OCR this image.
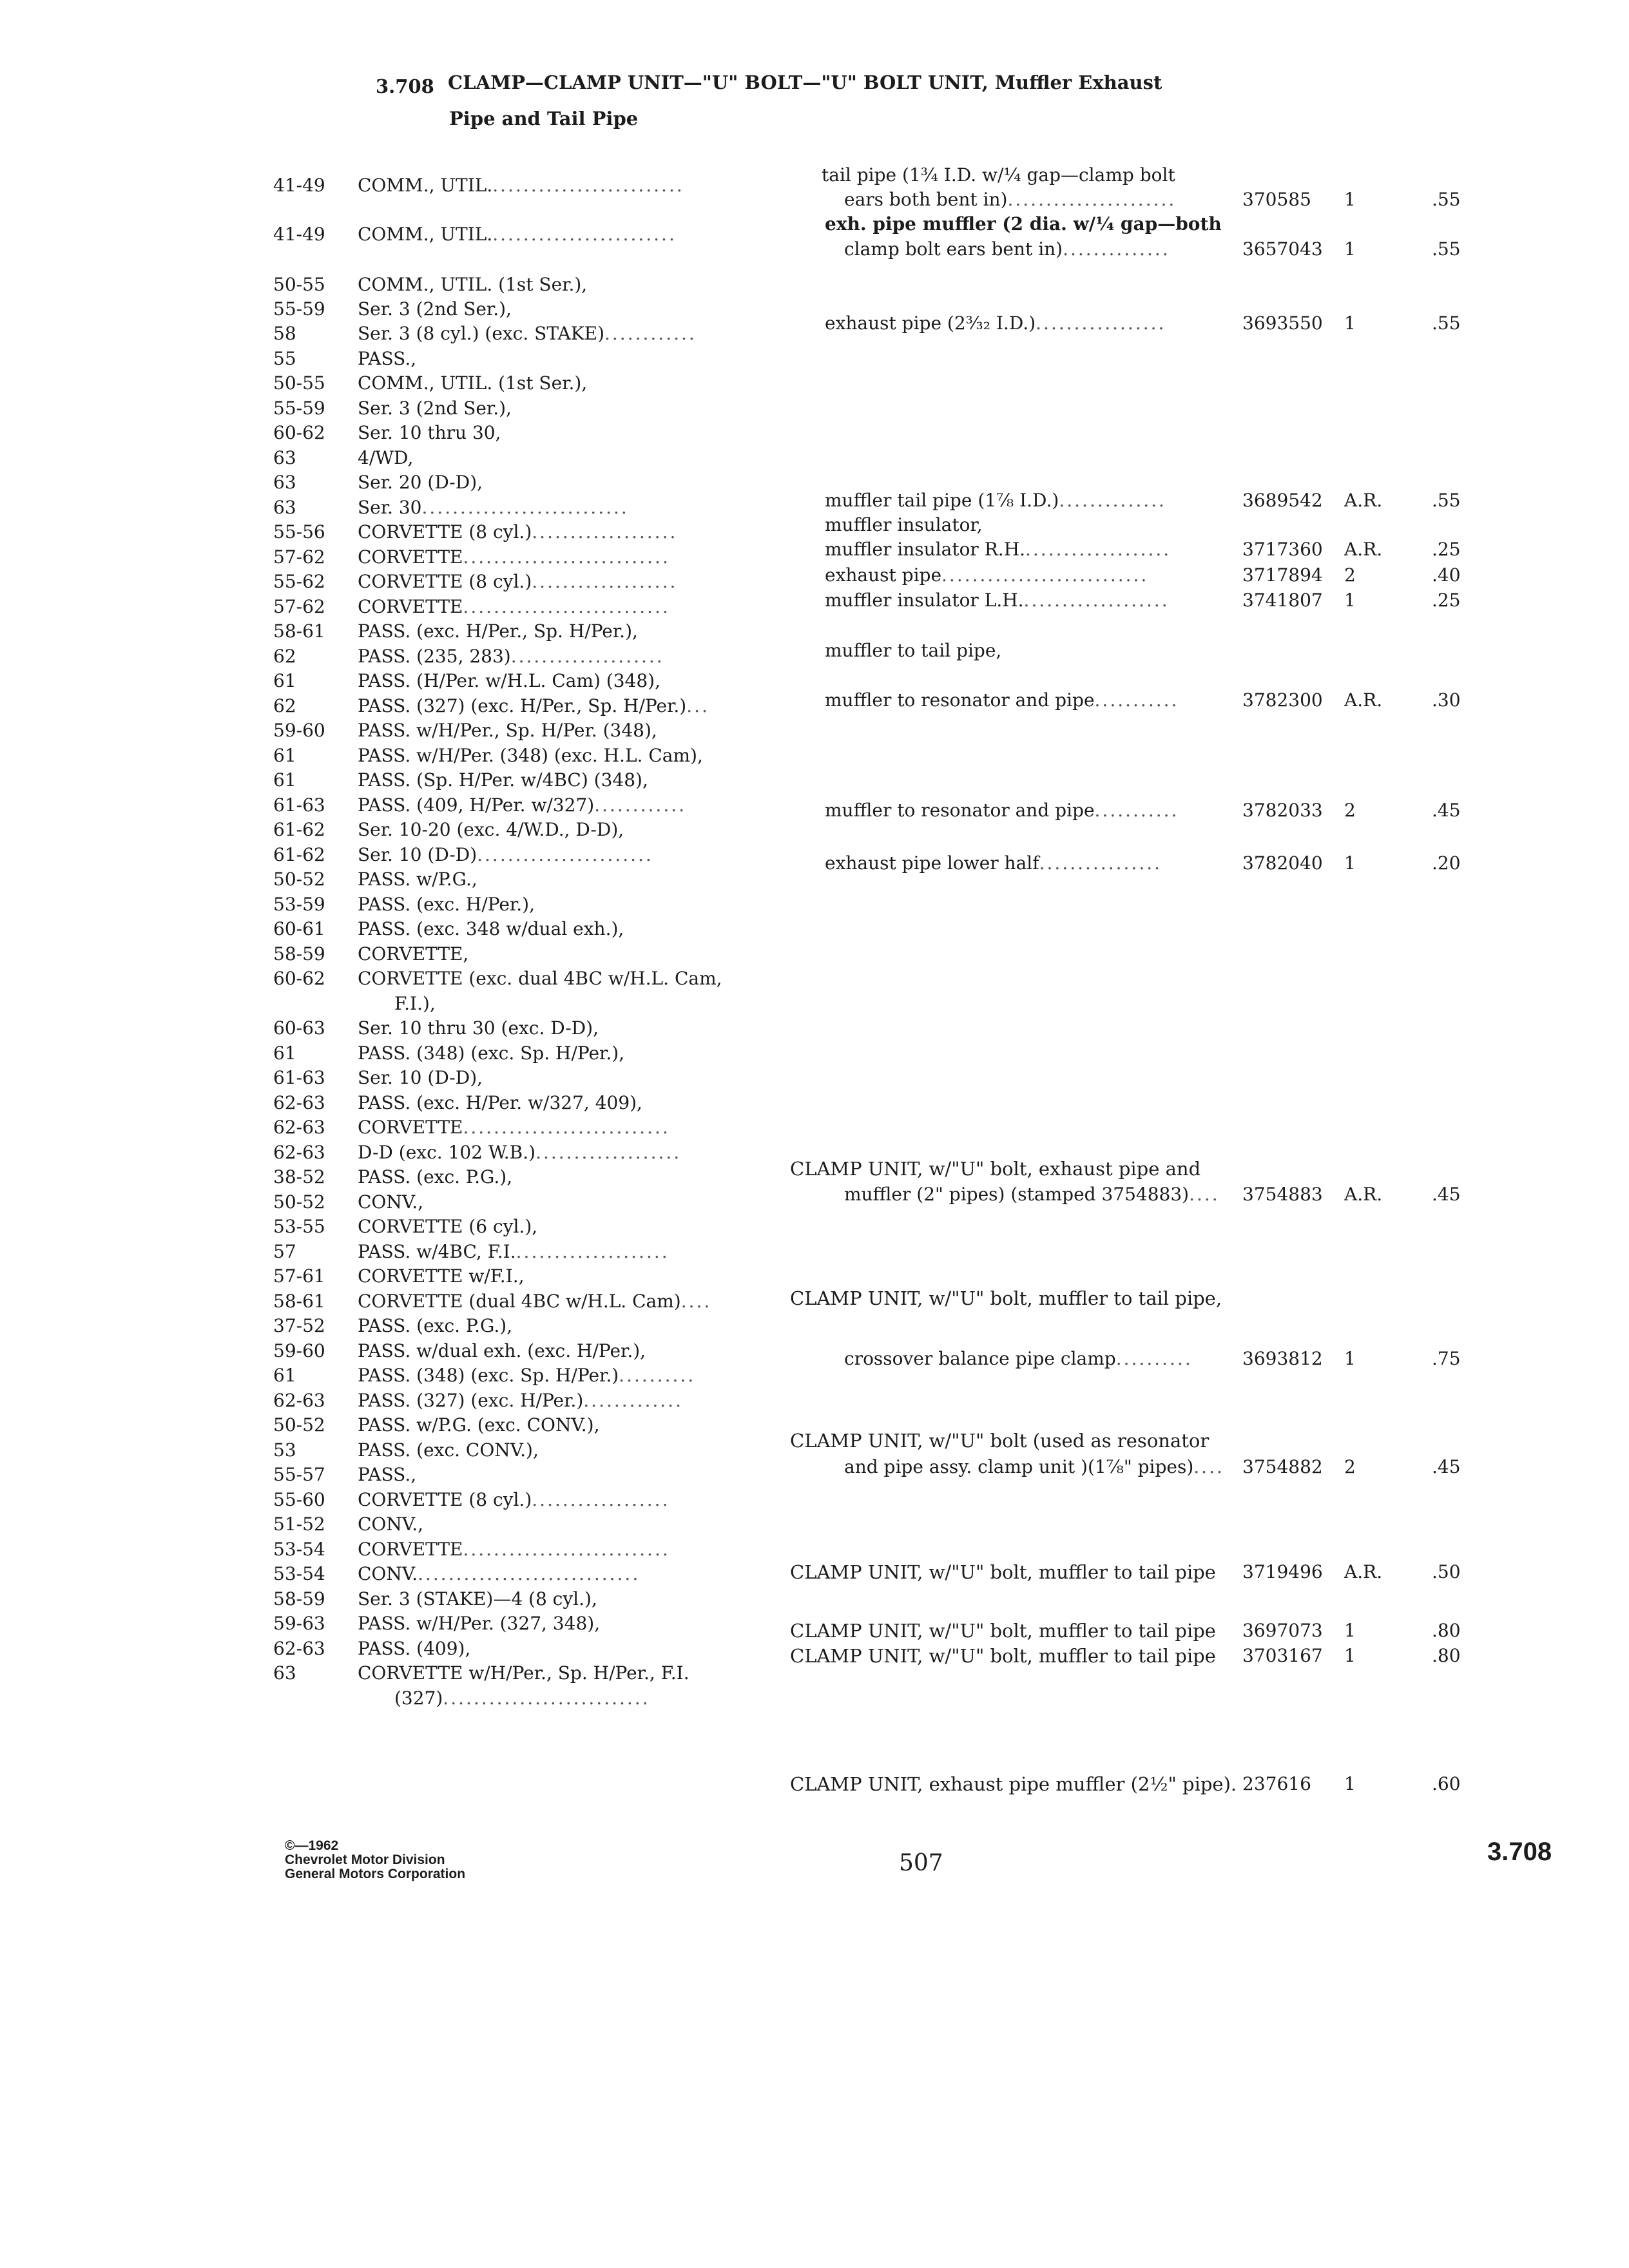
3.708 CLAMP—CLAMP UNIT—"U" BOLT—"U" BOLT UNIT, Muffler Exhaust
Pipe and Tail Pipe
41-49 COMM., UTIL..........................
41-49 COMM., UTIL.........................
50-55 COMM., UTIL. (1st Ser.),
55-59 Ser. 3 (2nd Ser.),
58	Ser. 3 (8 cyl.) (exc. STAKE)............
55	PASS.,
50-55 COMM., UTIL. (1st Ser.),
55-59 Ser. 3 (2nd Ser.),
60-62 Ser. 10 thru 30,
63	4/WD,
63	Ser. 20 (D-D),
63	Ser. 30...........................
55-56 CORVETTE (8 cyl.)...................
57-62 CORVETTE...........................
55-62 CORVETTE (8 cyl.)...................
57-62 CORVETTE...........................
58-61 PASS. (exc. H/Per., Sp. H/Per.),
62	PASS. (235, 283)....................
61	PASS. (H/Per. w/H.L. Cam) (348),
62	PASS. (327) (exc. H/Per., Sp. H/Per.)...
59-60 PASS. w/H/Per., Sp. H/Per. (348),
61	PASS. w/H/Per. (348) (exc. H.L. Cam),
61	PASS. (Sp. H/Per. w/4BC) (348),
61-63 PASS. (409, H/Per. w/327)............
61-62 Ser. 10-20 (exc. 4/W.D., D-D),
61-62 Ser. 10 (D-D).......................
50-52 PASS. w/P.G.,
53-59 PASS. (exc. H/Per.),
60-61 PASS. (exc. 348 w/dual exh.),
58-59 CORVETTE,
60-62 CORVETTE (exc. dual 4BC w/H.L. Cam,
F.I.),
60-63 Ser. 10 thru 30 (exc. D-D),
61	PASS. (348) (exc. Sp. H/Per.),
61-63 Ser. 10 (D-D),
62-63 PASS. (exc. H/Per. w/327, 409),
62-63 CORVETTE...........................
62-63 D-D (exc. 102 W.B.)...................
38-52 PASS. (exc. P.G.),
50-52 CONV.,
53-55 CORVETTE (6 cyl.),
57	PASS. w/4BC, F.I.....................
57-61 CORVETTE w/F.I.,
58-61 CORVETTE (dual 4BC w/H.L. Cam)....
37-52 PASS. (exc. P.G.),
59-60 PASS. w/dual exh. (exc. H/Per.),
61	PASS. (348) (exc. Sp. H/Per.)..........
62-63 PASS. (327) (exc. H/Per.).............
50-52 PASS. w/P.G. (exc. CONV.),
53	PASS. (exc. CONV.),
55-57 PASS.,
55-60 CORVETTE (8 cyl.)..................
51-52 CONV.,
53-54 CORVETTE...........................
53-54 CONV..............................
58-59 Ser. 3 (STAKE)—4 (8 cyl.),
59-63 PASS. w/H/Per. (327, 348),
62-63 PASS. (409),
63	CORVETTE w/H/Per., Sp. H/Per., F.I.
(327)...........................
tail pipe (1¾ I.D. w/¼ gap—clamp bolt
ears both bent in)......................	370585 1	.55
exh. pipe muffler (2 dia. w/¼ gap—both
clamp bolt ears bent in)..............	3657043 1	.55
exhaust pipe (2³⁄₃₂ I.D.).................	3693550 1	.55
muffler tail pipe (1⅞ I.D.)..............	3689542 A.R.	.55
muffler insulator,
muffler insulator R.H....................	3717360 A.R.	.25
exhaust pipe...........................	3717894 2	.40
muffler insulator L.H....................	3741807 1	.25
muffler to tail pipe,
muffler to resonator and pipe...........	3782300 A.R.	.30
muffler to resonator and pipe...........	3782033 2	.45
exhaust pipe lower half................	3782040 1	.20
CLAMP UNIT, w/"U" bolt, exhaust pipe and
muffler (2" pipes) (stamped 3754883).... 3754883 A.R.	.45
CLAMP UNIT, w/"U" bolt, muffler to tail pipe,
crossover balance pipe clamp..........	3693812 1	.75
CLAMP UNIT, w/"U" bolt (used as resonator
and pipe assy. clamp unit )(1⅞" pipes).... 3754882 2	.45
CLAMP UNIT, w/"U" bolt, muffler to tail pipe 3719496 A.R.	.50
CLAMP UNIT, w/"U" bolt, muffler to tail pipe 3697073 1	.80
CLAMP UNIT, w/"U" bolt, muffler to tail pipe 3703167 1	.80
CLAMP UNIT, exhaust pipe muffler (2½" pipe). 237616 1	.60
©—1962
Chevrolet Motor Division
General Motors Corporation	507	3.708
